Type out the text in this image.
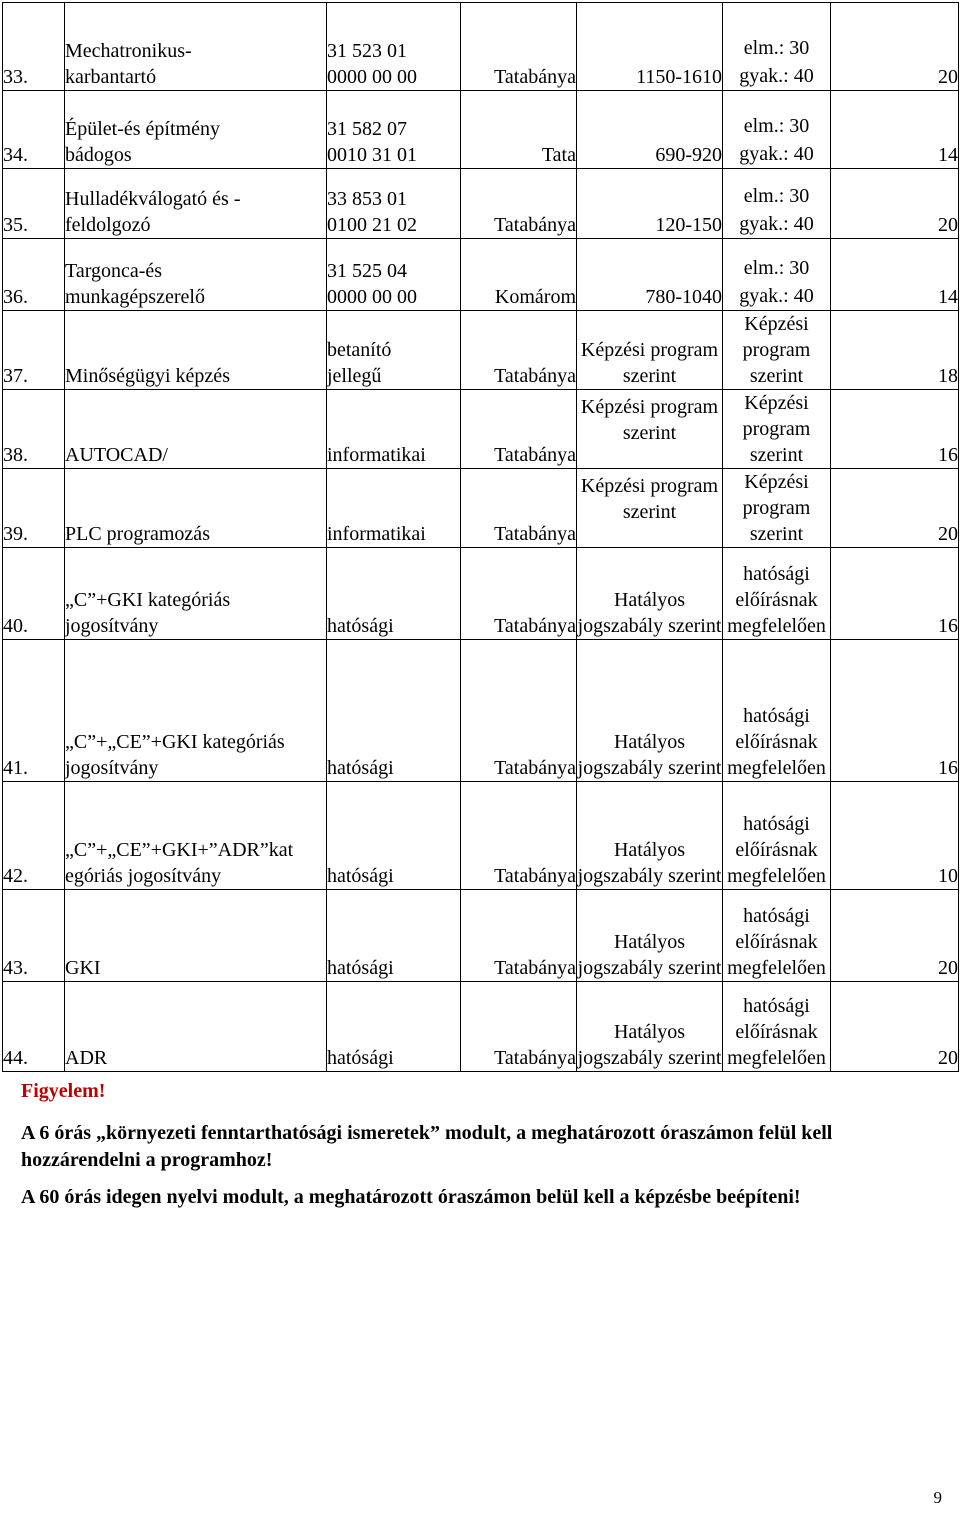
33.	Mechatronikus-
karbantartó	31 523 01
0000 00 00	Tatabánya	1150-1610	elm.: 30
gyak.: 40	20
34.	Épület-és építmény
bádogos	31 582 07
0010 31 01	Tata	690-920	elm.: 30
gyak.: 40	14
35.	Hulladékválogató és -
feldolgozó	33 853 01
0100 21 02	Tatabánya	120-150	elm.: 30
gyak.: 40	20
36.	Targonca-és
munkagépszerelő	31 525 04
0000 00 00	Komárom	780-1040	elm.: 30
gyak.: 40	14
37.	Minőségügyi képzés	betanító
jellegű	Tatabánya	Képzési program
szerint	Képzési
program
szerint	18
38.	AUTOCAD/	informatikai	Tatabánya	Képzési program
szerint	Képzési
program
szerint	16
39.	PLC programozás	informatikai	Tatabánya	Képzési program
szerint	Képzési
program
szerint	20
40.	„C”+GKI kategóriás
jogosítvány	hatósági	Tatabánya	Hatályos
jogszabály szerint	hatósági
előírásnak
megfelelően	16
41.	„C”+„CE”+GKI kategóriás
jogosítvány	hatósági	Tatabánya	Hatályos
jogszabály szerint	hatósági
előírásnak
megfelelően	16
42.	„C”+„CE”+GKI+”ADR”kat
egóriás jogosítvány	hatósági	Tatabánya	Hatályos
jogszabály szerint	hatósági
előírásnak
megfelelően	10
43.	GKI	hatósági	Tatabánya	Hatályos
jogszabály szerint	hatósági
előírásnak
megfelelően	20
44.	ADR	hatósági	Tatabánya	Hatályos
jogszabály szerint	hatósági
előírásnak
megfelelően	20
Figyelem!
A 6 órás „környezeti fenntarthatósági ismeretek” modult, a meghatározott óraszámon felül kell
hozzárendelni a programhoz!
A 60 órás idegen nyelvi modult, a meghatározott óraszámon belül kell a képzésbe beépíteni!
9
